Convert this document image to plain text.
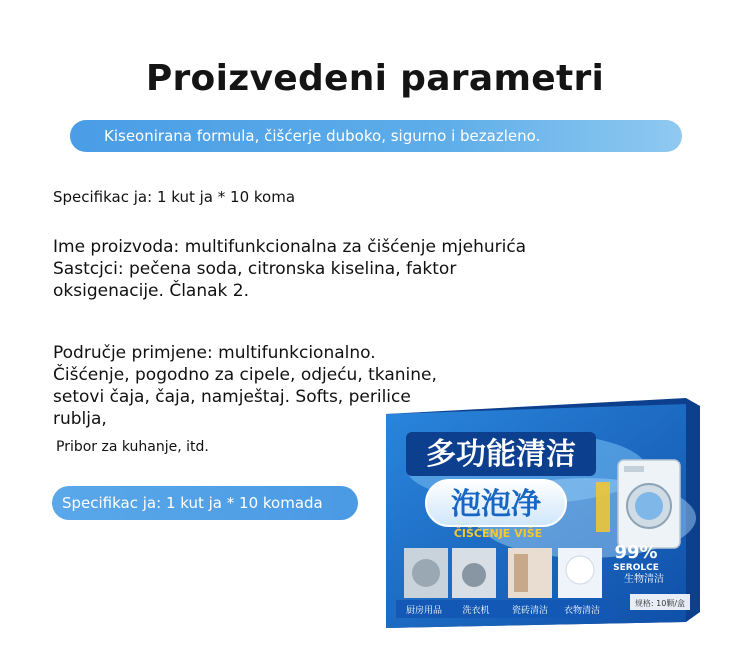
Proizvedeni parametri
Kiseonirana formula, čišćerje duboko, sigurno i bezazleno.
Specifikac ja: 1 kut ja * 10 koma
Ime proizvoda: multifunkcionalna za čišćenje mjehurića
Sastcjci: pečena soda, citronska kiselina, faktor
oksigenacije. Članak 2.
Područje primjene: multifunkcionalno.
Čišćenje, pogodno za cipele, odjeću, tkanine,
setovi čaja, čaja, namještaj. Softs, perilice
rublja,
Pribor za kuhanje, itd.
Specifikac ja: 1 kut ja * 10 komada
多功能清洁
泡泡净
ČIŠĆENJE VIŠE
99%
SEROLCE
生物清洁
厨房用品 洗衣机 瓷砖清洁 衣物清洁
规格: 10颗/盒
